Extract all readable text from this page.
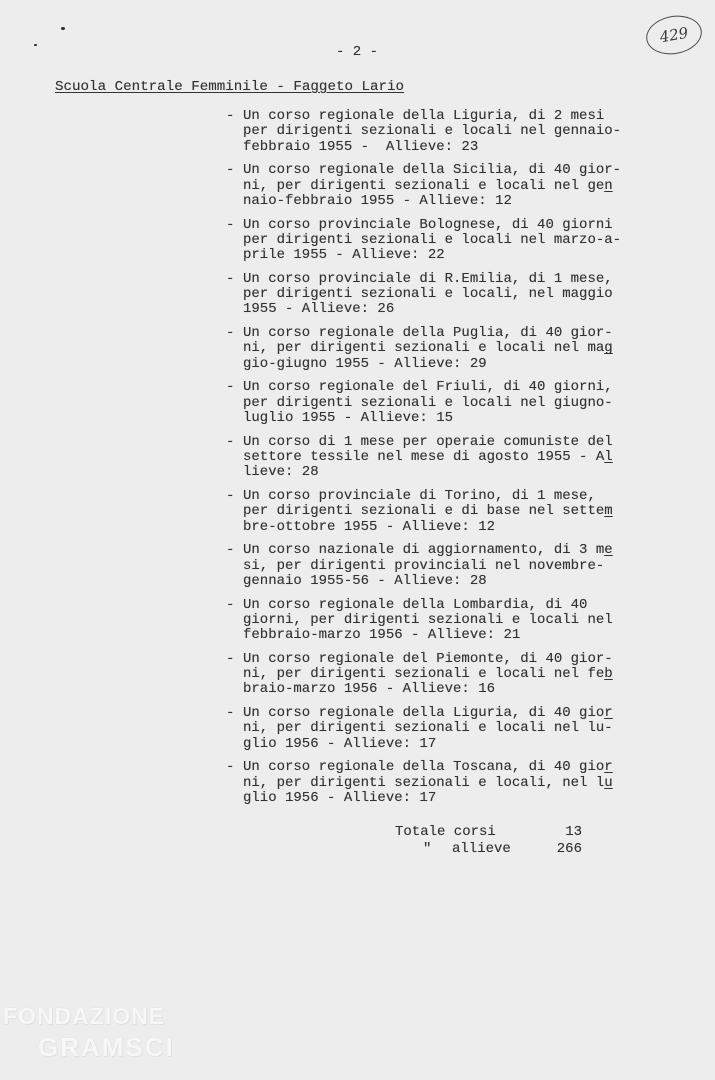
429
- 2 -
Scuola Centrale Femminile - Faggeto Lario
- Un corso regionale della Liguria, di 2 mesi
per dirigenti sezionali e locali nel gennaio-
febbraio 1955 -  Allieve: 23
- Un corso regionale della Sicilia, di 40 gior-
ni, per dirigenti sezionali e locali nel gen
naio-febbraio 1955 - Allieve: 12
- Un corso provinciale Bolognese, di 40 giorni
per dirigenti sezionali e locali nel marzo-a-
prile 1955 - Allieve: 22
- Un corso provinciale di R.Emilia, di 1 mese,
per dirigenti sezionali e locali, nel maggio
1955 - Allieve: 26
- Un corso regionale della Puglia, di 40 gior-
ni, per dirigenti sezionali e locali nel mag
gio-giugno 1955 - Allieve: 29
- Un corso regionale del Friuli, di 40 giorni,
per dirigenti sezionali e locali nel giugno-
luglio 1955 - Allieve: 15
- Un corso di 1 mese per operaie comuniste del
settore tessile nel mese di agosto 1955 - Al
lieve: 28
- Un corso provinciale di Torino, di 1 mese,
per dirigenti sezionali e di base nel settem
bre-ottobre 1955 - Allieve: 12
- Un corso nazionale di aggiornamento, di 3 me
si, per dirigenti provinciali nel novembre-
gennaio 1955-56 - Allieve: 28
- Un corso regionale della Lombardia, di 40
giorni, per dirigenti sezionali e locali nel
febbraio-marzo 1956 - Allieve: 21
- Un corso regionale del Piemonte, di 40 gior-
ni, per dirigenti sezionali e locali nel feb
braio-marzo 1956 - Allieve: 16
- Un corso regionale della Liguria, di 40 gior
ni, per dirigenti sezionali e locali nel lu-
glio 1956 - Allieve: 17
- Un corso regionale della Toscana, di 40 gior
ni, per dirigenti sezionali e locali, nel lu
glio 1956 - Allieve: 17
Totale corsi	13
" allieve	266
FONDAZIONE
GRAMSCI
